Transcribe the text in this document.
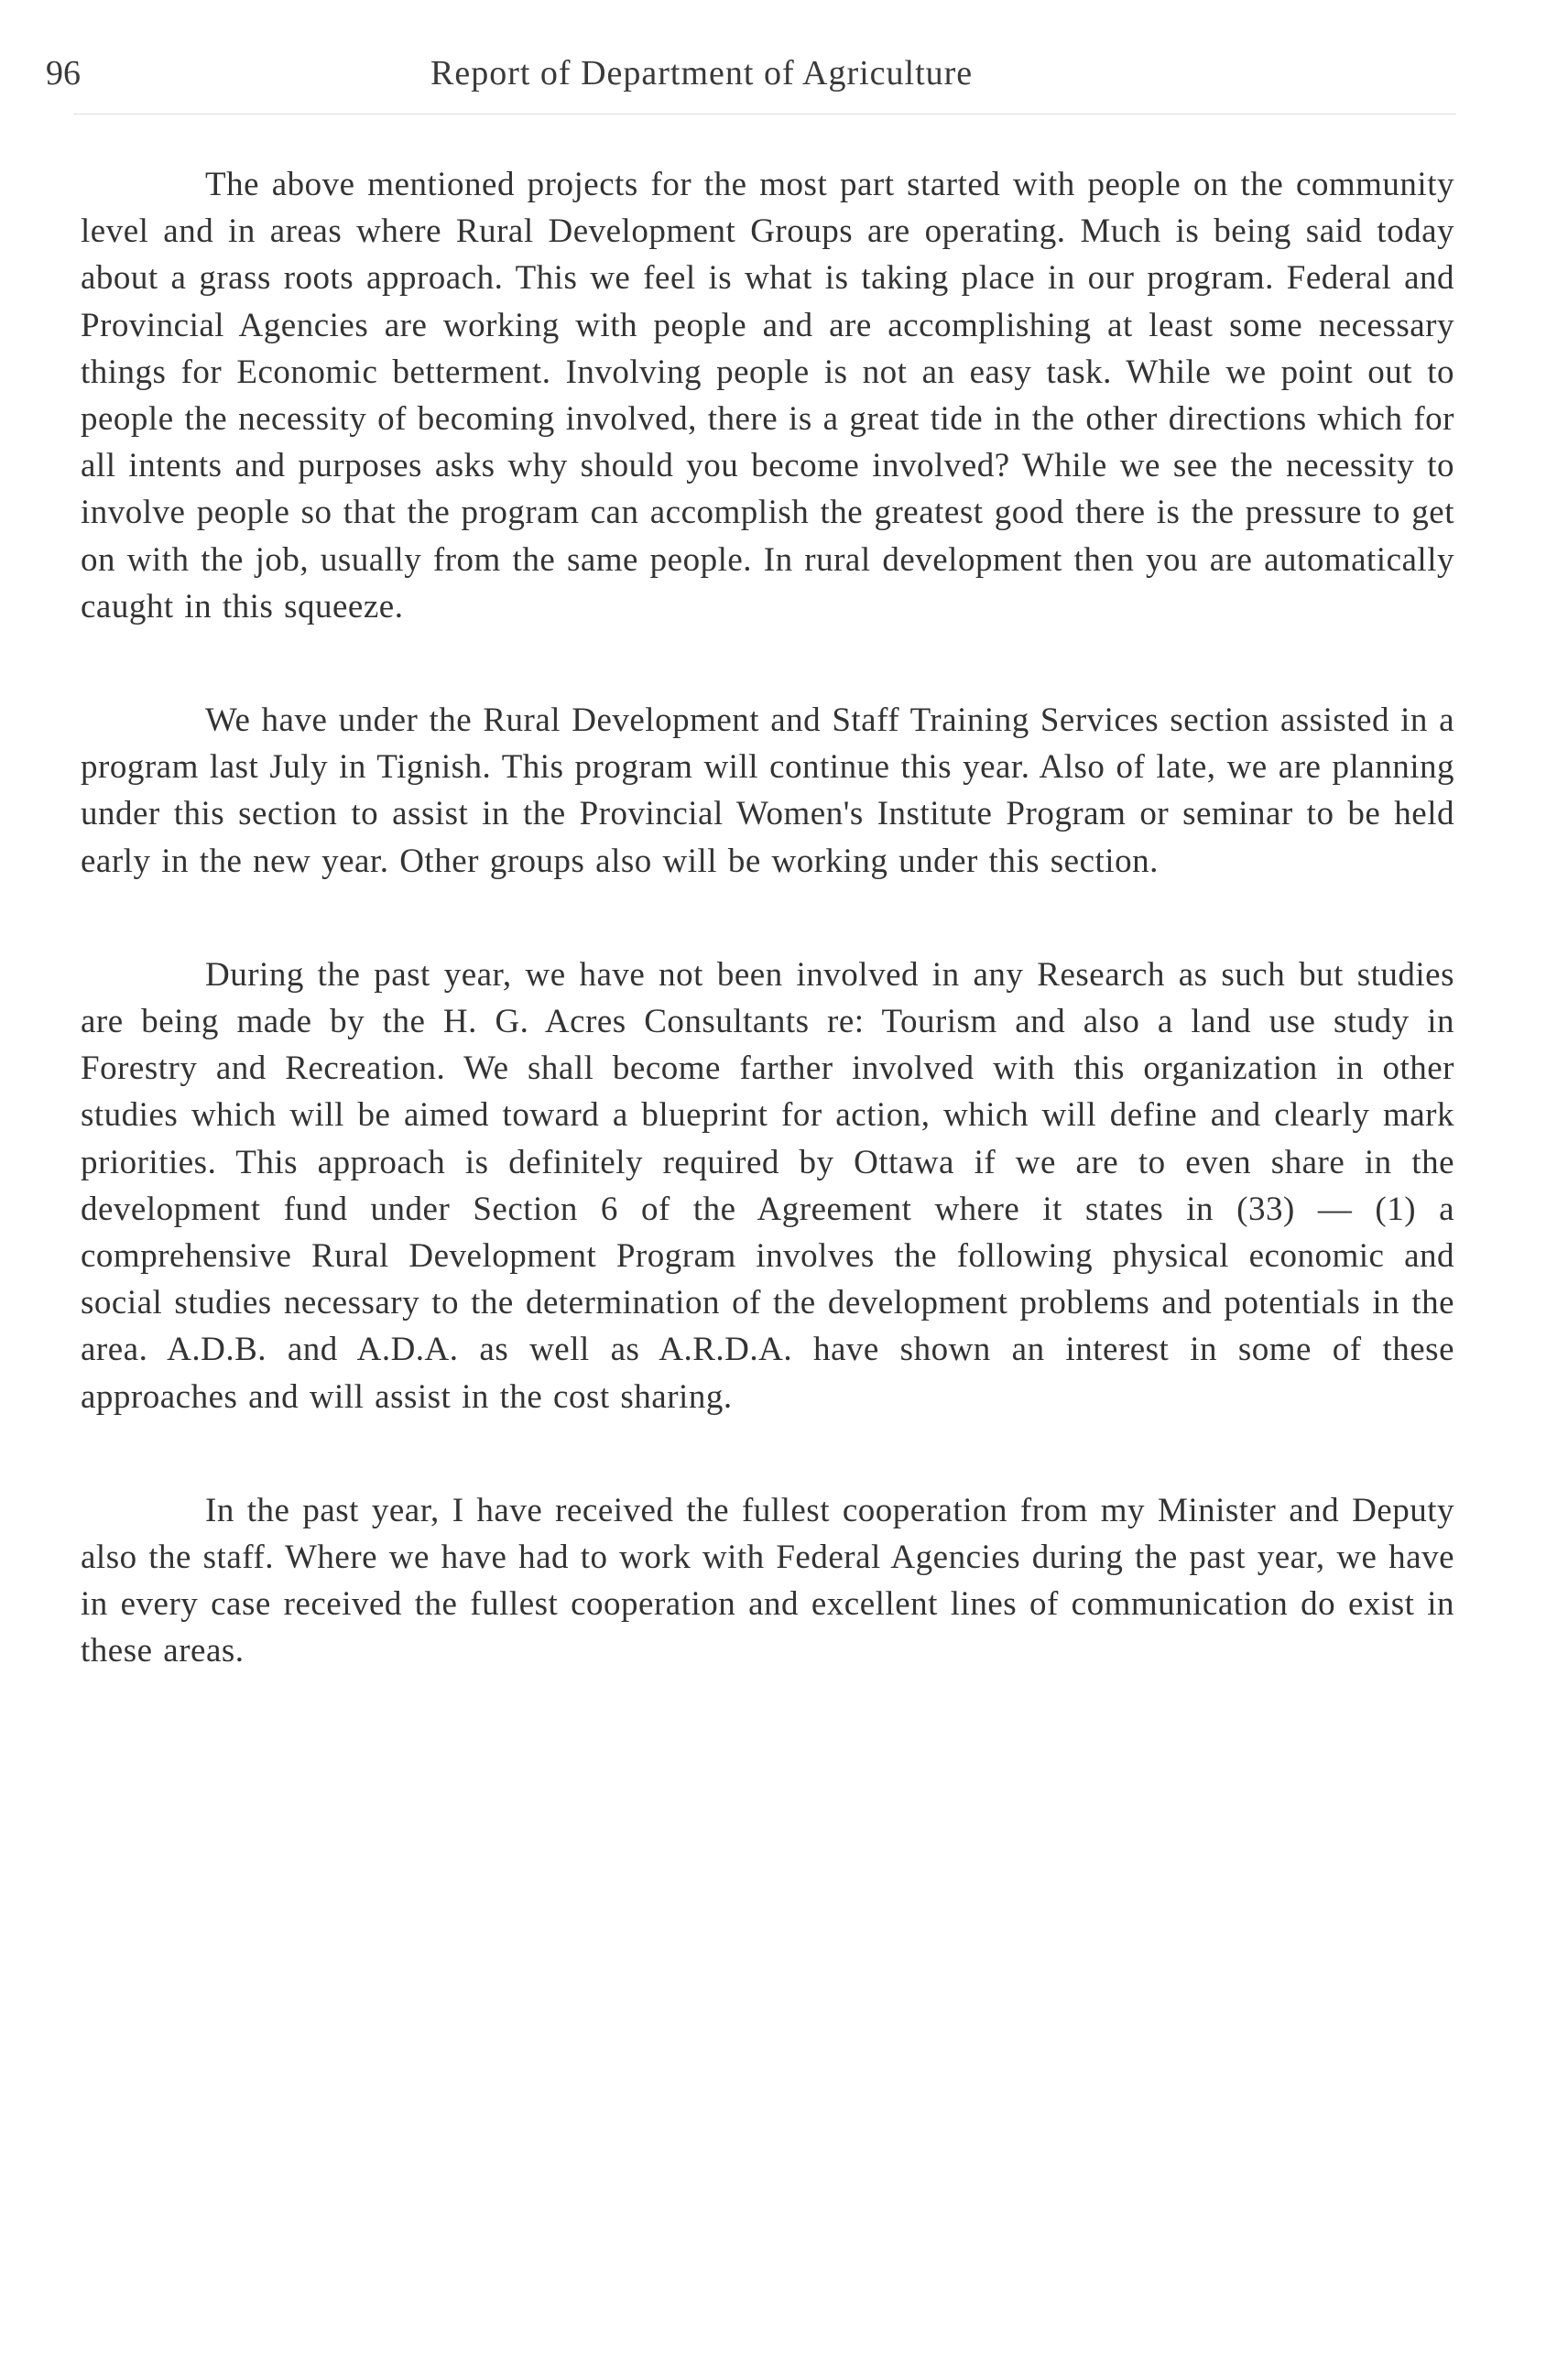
96	Report of Department of Agriculture

The above mentioned projects for the most part started with people on the community level and in areas where Rural Development Groups are operating. Much is being said today about a grass roots approach. This we feel is what is taking place in our program. Federal and Provincial Agencies are working with people and are accomplishing at least some necessary things for Economic betterment. Involving people is not an easy task. While we point out to people the necessity of becoming involved, there is a great tide in the other directions which for all intents and purposes asks why should you become involved? While we see the necessity to involve people so that the program can accomplish the greatest good there is the pressure to get on with the job, usually from the same people. In rural development then you are automatically caught in this squeeze.

We have under the Rural Development and Staff Training Services section assisted in a program last July in Tignish. This program will continue this year. Also of late, we are planning under this section to assist in the Provincial Women's Institute Program or seminar to be held early in the new year. Other groups also will be working under this section.

During the past year, we have not been involved in any Research as such but studies are being made by the H. G. Acres Consultants re: Tourism and also a land use study in Forestry and Recreation. We shall become farther involved with this organization in other studies which will be aimed toward a blueprint for action, which will define and clearly mark priorities. This approach is definitely required by Ottawa if we are to even share in the development fund under Section 6 of the Agreement where it states in (33) — (1) a comprehensive Rural Development Program involves the following physical economic and social studies necessary to the determination of the development problems and potentials in the area. A.D.B. and A.D.A. as well as A.R.D.A. have shown an interest in some of these approaches and will assist in the cost sharing.

In the past year, I have received the fullest cooperation from my Minister and Deputy also the staff. Where we have had to work with Federal Agencies during the past year, we have in every case received the fullest cooperation and excellent lines of communication do exist in these areas.
